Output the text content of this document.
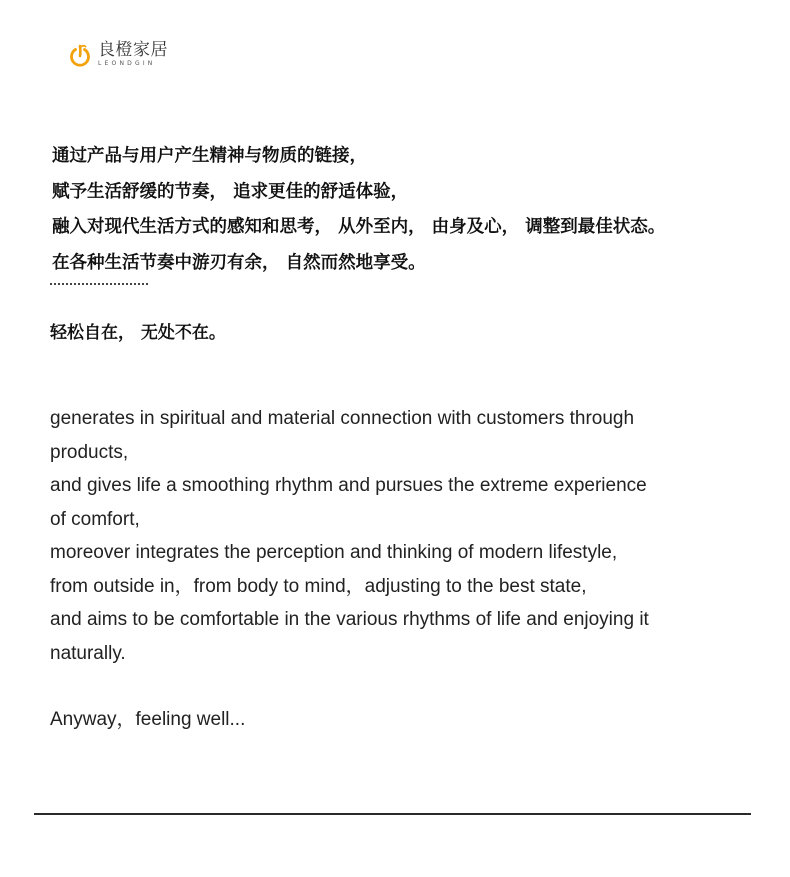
良橙家居
LEONDGIN
通过产品与用户产生精神与物质的链接，
赋予生活舒缓的节奏， 追求更佳的舒适体验，
融入对现代生活方式的感知和思考， 从外至内， 由身及心， 调整到最佳状态。
在各种生活节奏中游刃有余， 自然而然地享受。
轻松自在， 无处不在。
generates in spiritual and material connection with customers through
products,
and gives life a smoothing rhythm and pursues the extreme experience
of comfort,
moreover integrates the perception and thinking of modern lifestyle,
from outside in，from body to mind，adjusting to the best state,
and aims to be comfortable in the various rhythms of life and enjoying it
naturally.
Anyway，feeling well...
